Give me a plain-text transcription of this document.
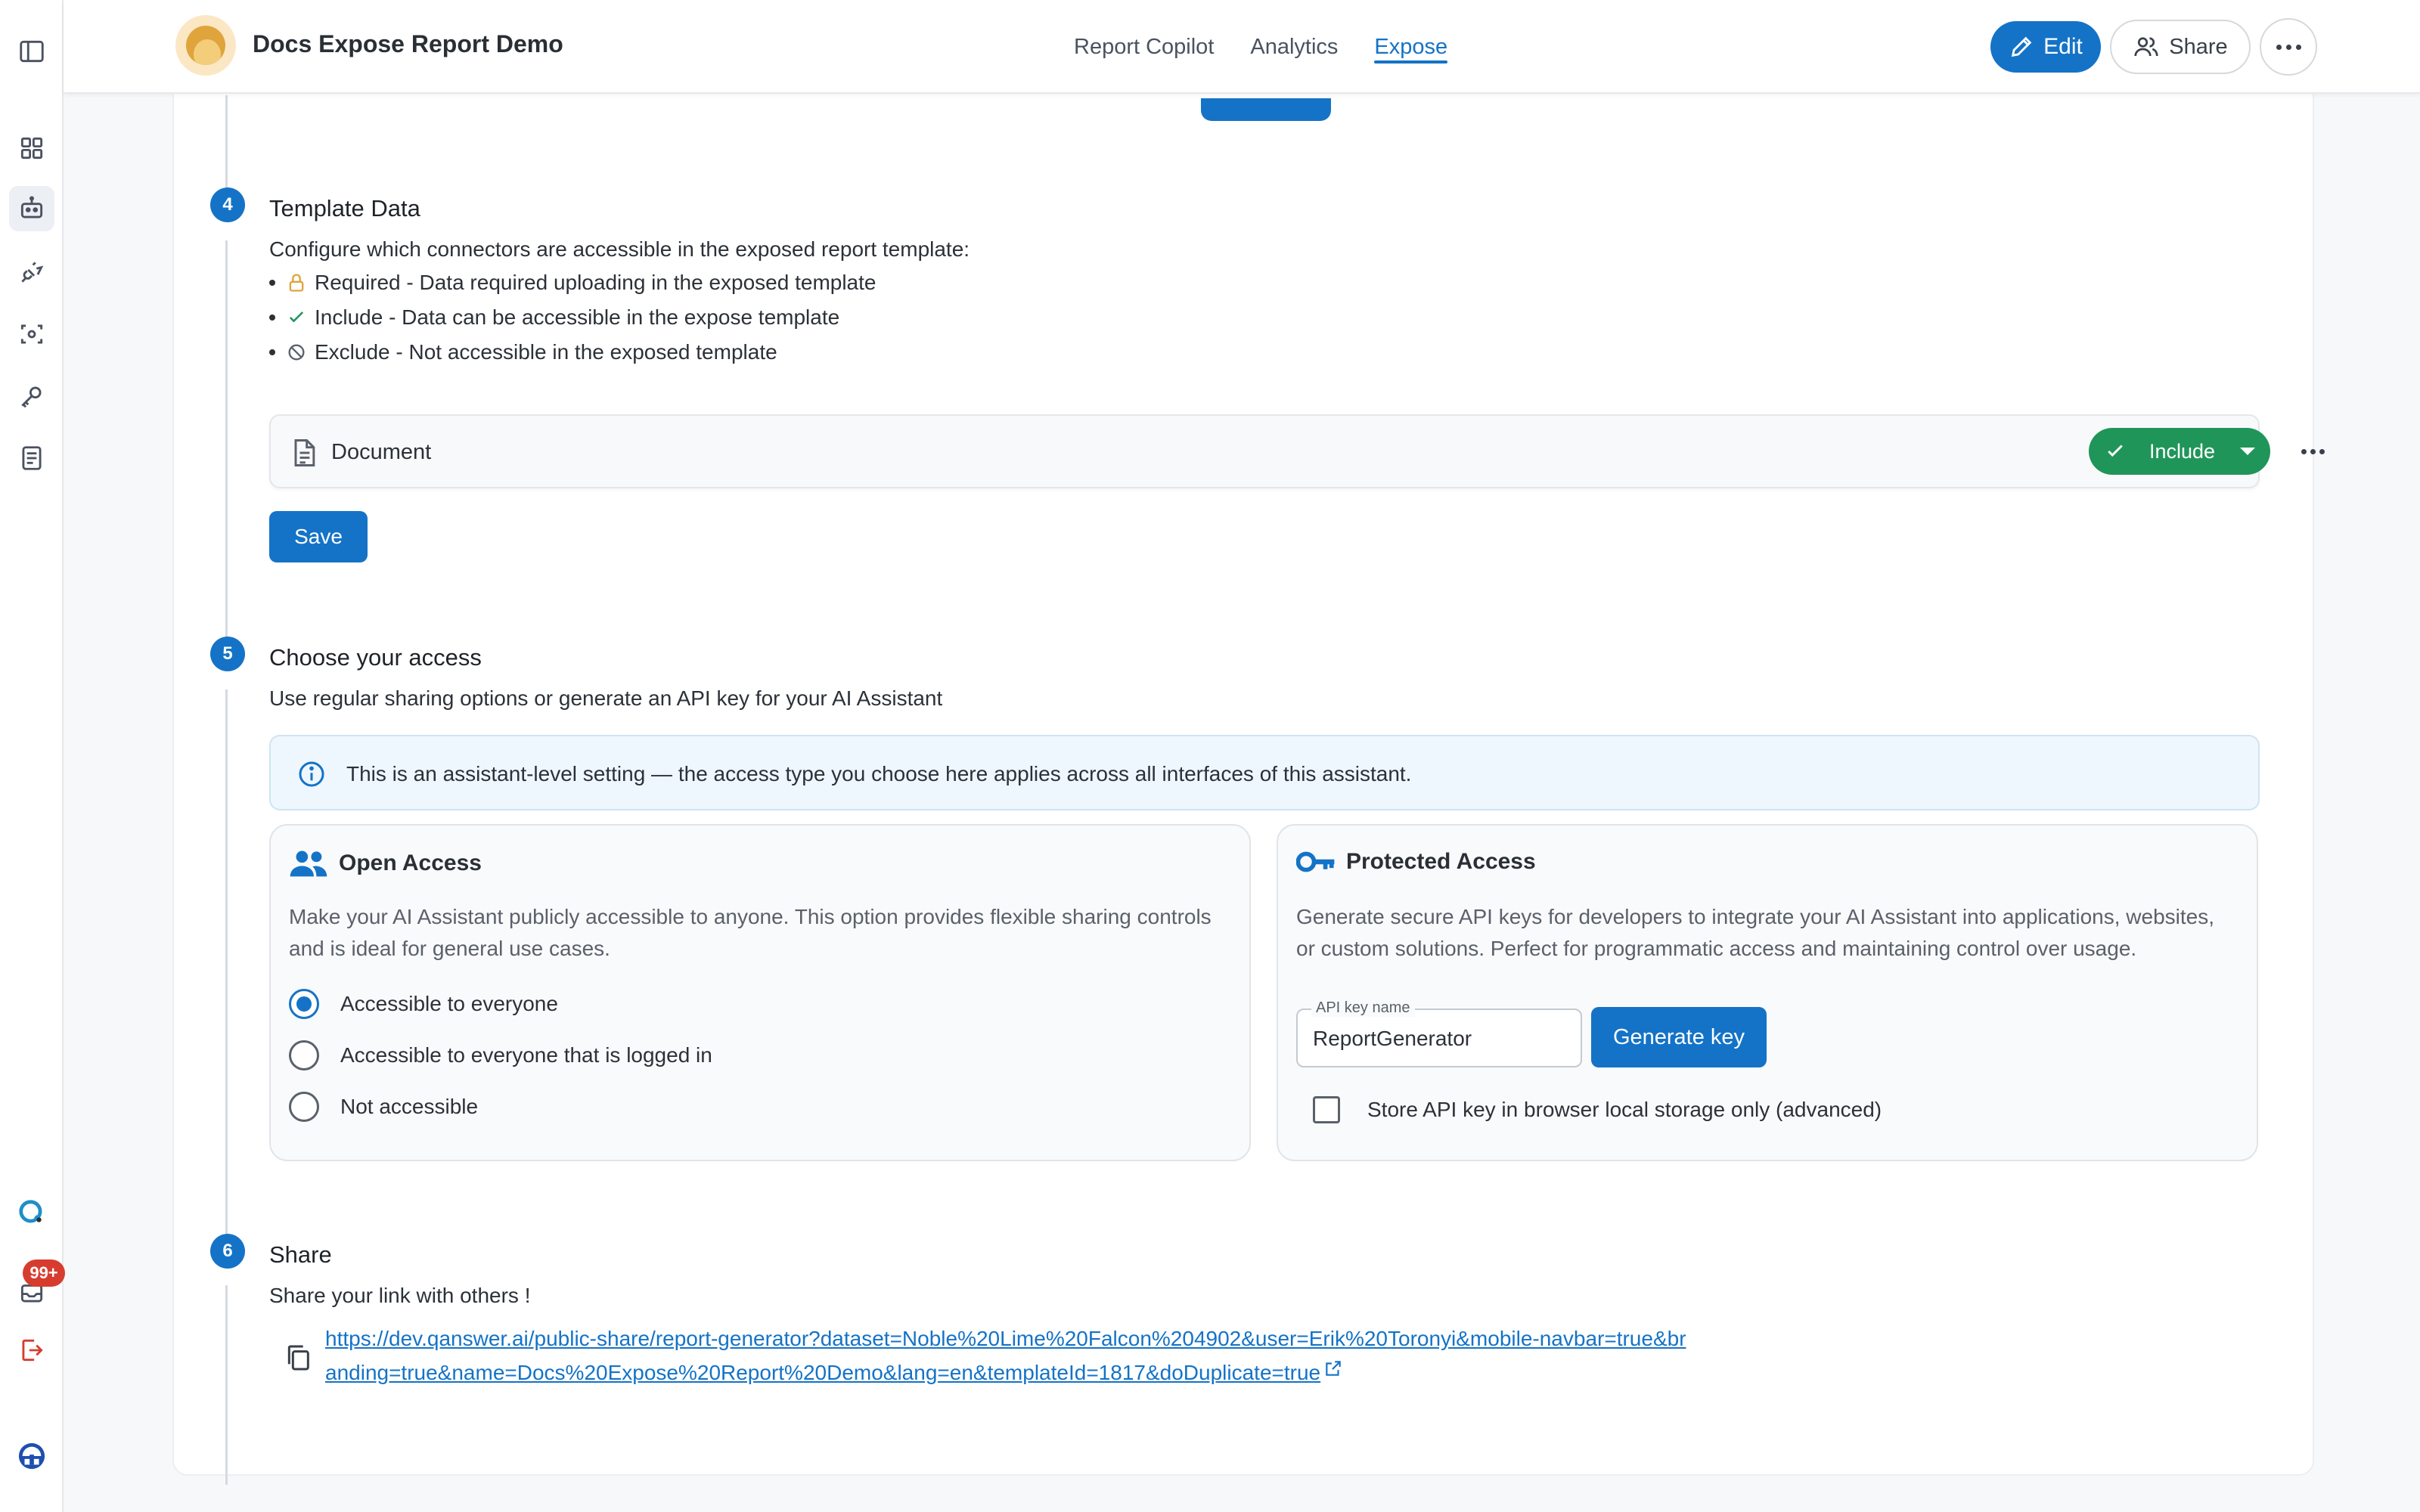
99+
Docs Expose Report Demo	Report Copilot Analytics Expose	Edit	Share
4	Template Data
Configure which connectors are accessible in the exposed report template:
Required - Data required uploading in the exposed template
Include - Data can be accessible in the expose template
Exclude - Not accessible in the exposed template
Document	Include
Save
5	Choose your access
Use regular sharing options or generate an API key for your AI Assistant
This is an assistant-level setting — the access type you choose here applies across all interfaces of this assistant.
Open Access
Make your AI Assistant publicly accessible to anyone. This option provides flexible sharing controls and is ideal for general use cases.
Accessible to everyone
Accessible to everyone that is logged in
Not accessible
Protected Access
Generate secure API keys for developers to integrate your AI Assistant into applications, websites, or custom solutions. Perfect for programmatic access and maintaining control over usage.
API key name
ReportGenerator
Generate key
Store API key in browser local storage only (advanced)
6	Share
Share your link with others !
https://dev.qanswer.ai/public-share/report-generator?dataset=Noble%20Lime%20Falcon%204902&user=Erik%20Toronyi&mobile-navbar=true&branding=true&name=Docs%20Expose%20Report%20Demo&lang=en&templateId=1817&doDuplicate=true
